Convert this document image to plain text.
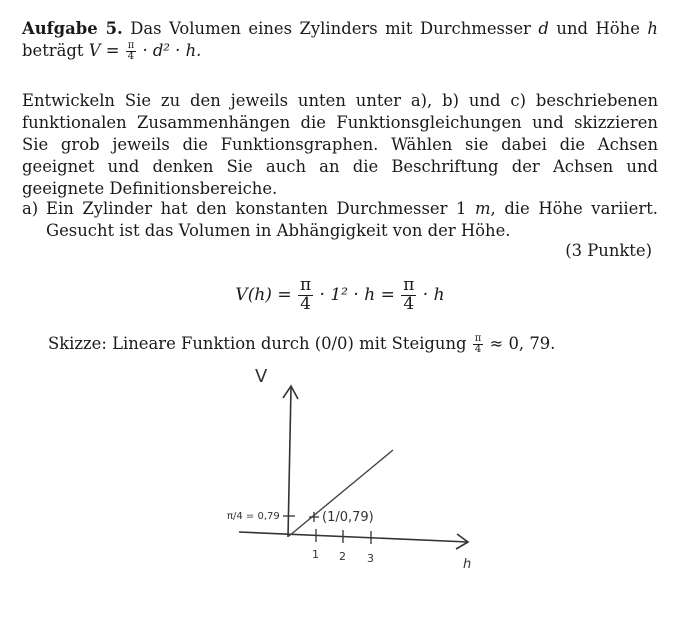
Aufgabe 5. Das Volumen eines Zylinders mit Durchmesser d und Höhe h beträgt $V = \frac{\pi}{4} \cdot d^2 \cdot h$.
Entwickeln Sie zu den jeweils unten unter a), b) und c) beschriebenen funktionalen Zusammenhängen die Funktionsgleichungen und skizzieren Sie grob jeweils die Funktionsgraphen. Wählen sie dabei die Achsen geeignet und denken Sie auch an die Beschriftung der Achsen und geeignete Definitionsbereiche.
a) Ein Zylinder hat den konstanten Durchmesser 1 m, die Höhe variiert. Gesucht ist das Volumen in Abhängigkeit von der Höhe.
(3 Punkte)
$V(h) = \frac{\pi}{4} \cdot 1^2 \cdot h = \frac{\pi}{4} \cdot h$
Skizze: Lineare Funktion durch (0/0) mit Steigung $\frac{\pi}{4} \approx 0$, 79.
V
h
π/4 = 0,79	(1/0,79)
1 2 3
